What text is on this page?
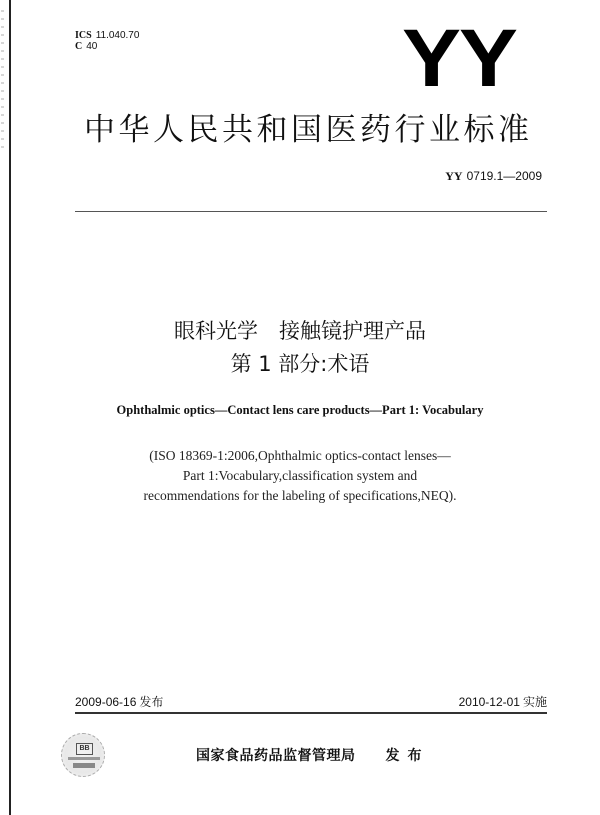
ICS 11.040.70
C 40	YY
中华人民共和国医药行业标准
YY 0719.1—2009
眼科光学　接触镜护理产品
第 1 部分:术语
Ophthalmic optics—Contact lens care products—Part 1: Vocabulary
(ISO 18369-1:2006,Ophthalmic optics-contact lenses—
Part 1:Vocabulary,classification system and
recommendations for the labeling of specifications,NEQ).
2009-06-16 发布	2010-12-01 实施
BB	国家食品药品监督管理局 发布
